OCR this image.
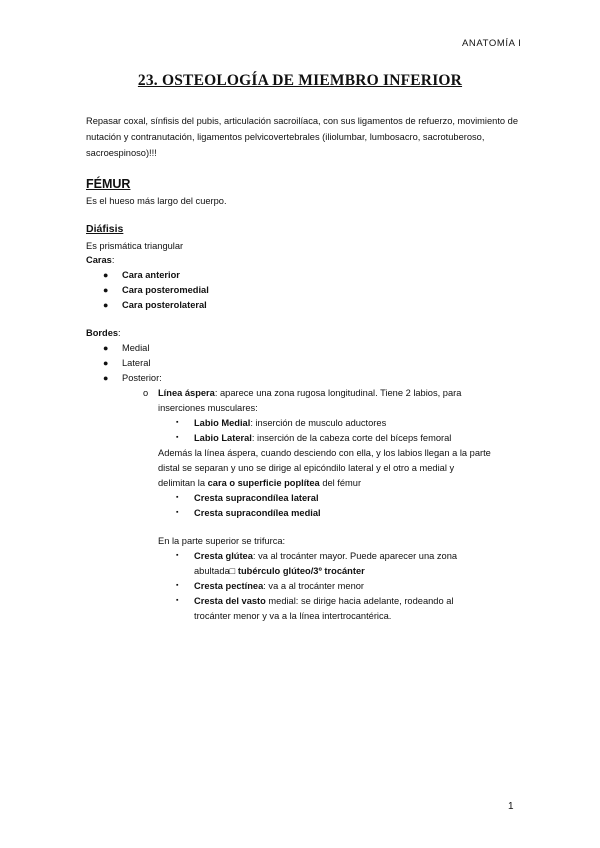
ANATOMÍA I
23. OSTEOLOGÍA DE MIEMBRO INFERIOR
Repasar coxal, sínfisis del pubis, articulación sacroilíaca, con sus ligamentos de refuerzo, movimiento de nutación y contranutación, ligamentos pelvicovertebrales (iliolumbar, lumbosacro, sacrotuberoso, sacroespinoso)!!!
FÉMUR
Es el hueso más largo del cuerpo.
Diáfisis
Es prismática triangular
Caras:
● Cara anterior
● Cara posteromedial
● Cara posterolateral
Bordes:
● Medial
● Lateral
● Posterior:
o Línea áspera: aparece una zona rugosa longitudinal. Tiene 2 labios, para
inserciones musculares:
▪ Labio Medial: inserción de musculo aductores
▪ Labio Lateral: inserción de la cabeza corte del bíceps femoral
Además la línea áspera, cuando desciendo con ella, y los labios llegan a la parte
distal se separan y uno se dirige al epicóndilo lateral y el otro a medial y
delimitan la cara o superficie poplítea del fémur
▪ Cresta supracondílea lateral
▪ Cresta supracondílea medial
En la parte superior se trifurca:
▪ Cresta glútea: va al trocánter mayor. Puede aparecer una zona
abultada□ tubérculo glúteo/3º trocánter
▪ Cresta pectínea: va a al trocánter menor
▪ Cresta del vasto medial: se dirige hacia adelante, rodeando al
trocánter menor y va a la línea intertrocantérica.
1
